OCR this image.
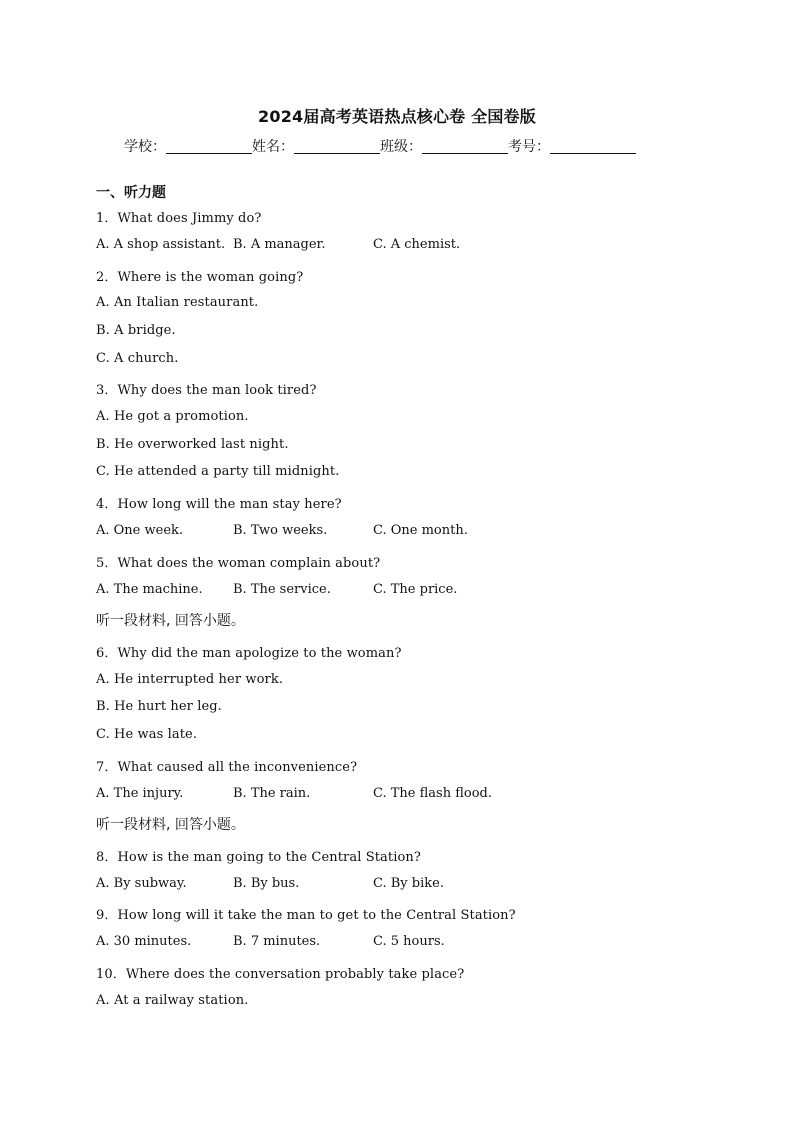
2024届高考英语热点核心卷 全国卷版
学校：	姓名：	班级：	考号：
一、听力题
1．What does Jimmy do?
A. A shop assistant. B. A manager.	C. A chemist.
2．Where is the woman going?
A. An Italian restaurant.
B. A bridge.
C. A church.
3．Why does the man look tired?
A. He got a promotion.
B. He overworked last night.
C. He attended a party till midnight.
4．How long will the man stay here?
A. One week.	B. Two weeks.	C. One month.
5．What does the woman complain about?
A. The machine. B. The service.	C. The price.
听一段材料, 回答小题。
6．Why did the man apologize to the woman?
A. He interrupted her work.
B. He hurt her leg.
C. He was late.
7．What caused all the inconvenience?
A. The injury.	B. The rain.	C. The flash flood.
听一段材料, 回答小题。
8．How is the man going to the Central Station?
A. By subway.	B. By bus.	C. By bike.
9．How long will it take the man to get to the Central Station?
A. 30 minutes.	B. 7 minutes.	C. 5 hours.
10．Where does the conversation probably take place?
A. At a railway station.
